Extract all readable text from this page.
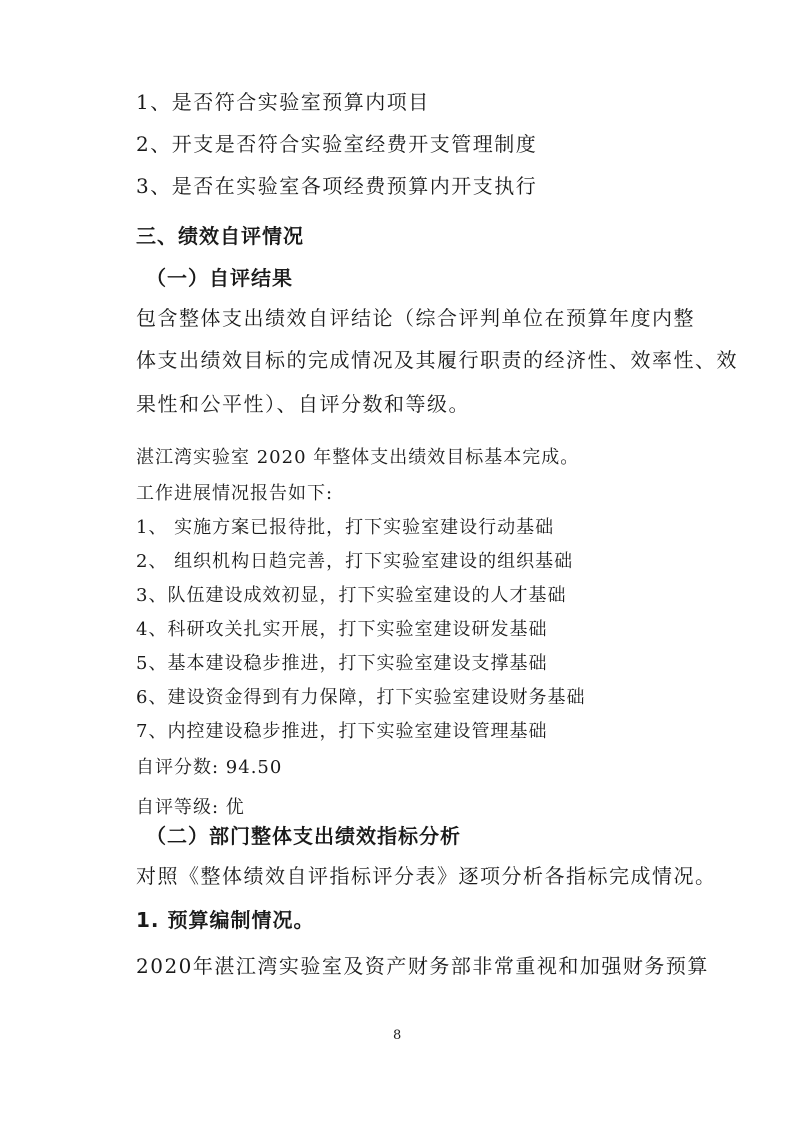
1、是否符合实验室预算内项目
2、开支是否符合实验室经费开支管理制度
3、是否在实验室各项经费预算内开支执行
三、绩效自评情况
（一）自评结果
包含整体支出绩效自评结论（综合评判单位在预算年度内整
体支出绩效目标的完成情况及其履行职责的经济性、效率性、效
果性和公平性）、自评分数和等级。
湛江湾实验室 2020 年整体支出绩效目标基本完成。
工作进展情况报告如下:
1、 实施方案已报待批，打下实验室建设行动基础
2、 组织机构日趋完善，打下实验室建设的组织基础
3、队伍建设成效初显，打下实验室建设的人才基础
4、科研攻关扎实开展，打下实验室建设研发基础
5、基本建设稳步推进，打下实验室建设支撑基础
6、建设资金得到有力保障，打下实验室建设财务基础
7、内控建设稳步推进，打下实验室建设管理基础
自评分数: 94.50
自评等级: 优
（二）部门整体支出绩效指标分析
对照《整体绩效自评指标评分表》逐项分析各指标完成情况。
1. 预算编制情况。
2020年湛江湾实验室及资产财务部非常重视和加强财务预算
8
